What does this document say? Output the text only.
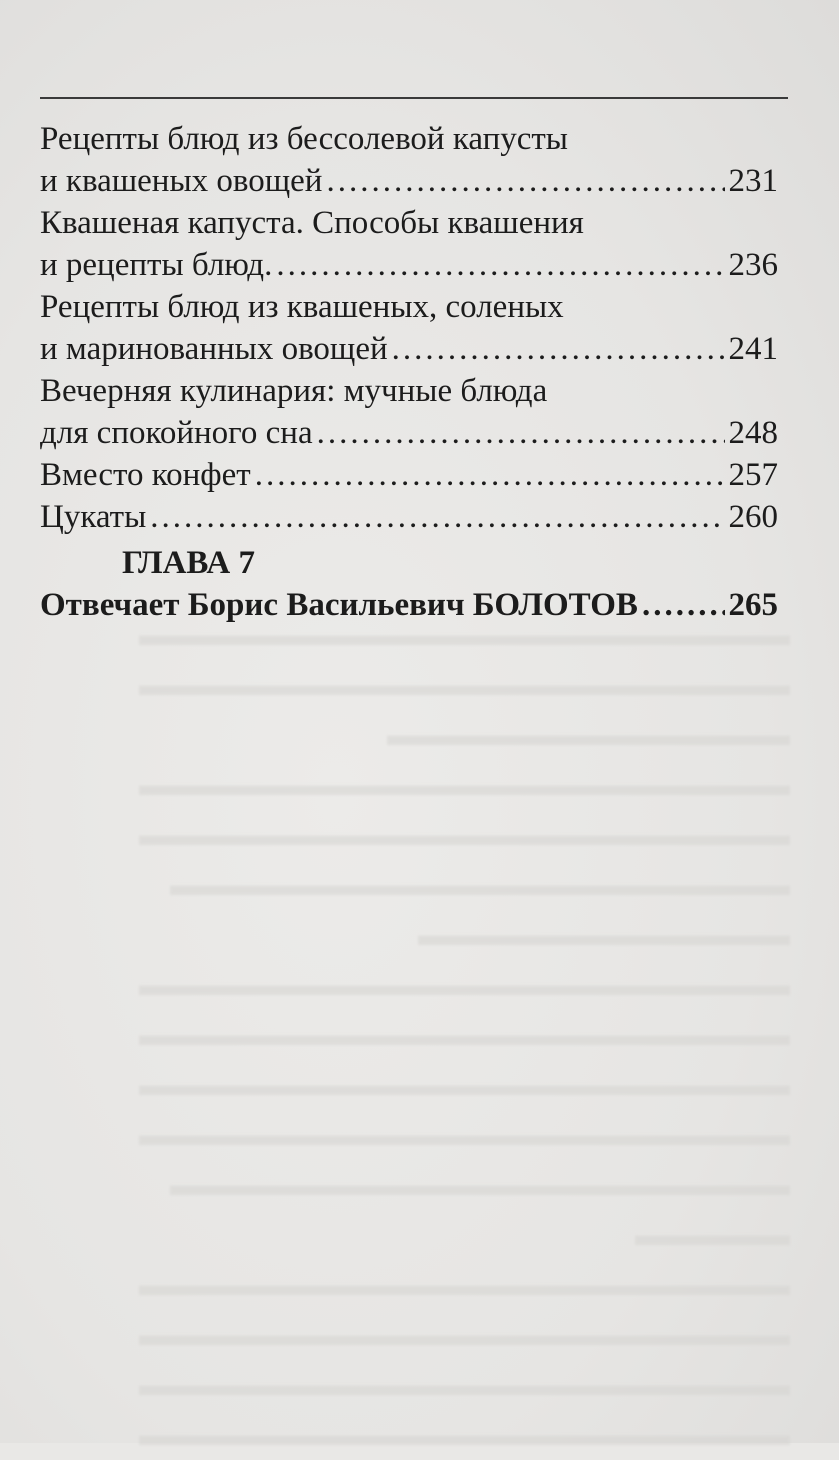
▬▬▬▬▬▬▬▬▬▬▬▬▬▬▬▬▬▬▬▬▬
▬▬▬▬▬▬▬▬▬▬▬▬▬▬▬▬▬▬▬▬▬
▬▬▬▬▬▬▬▬▬▬▬▬▬
▬▬▬▬▬▬▬▬▬▬▬▬▬▬▬▬▬▬▬▬▬
▬▬▬▬▬▬▬▬▬▬▬▬▬▬▬▬▬▬▬▬▬
▬▬▬▬▬▬▬▬▬▬▬▬▬▬▬▬▬▬▬▬
▬▬▬▬▬▬▬▬▬▬▬▬
▬▬▬▬▬▬▬▬▬▬▬▬▬▬▬▬▬▬▬▬▬
▬▬▬▬▬▬▬▬▬▬▬▬▬▬▬▬▬▬▬▬▬
▬▬▬▬▬▬▬▬▬▬▬▬▬▬▬▬▬▬▬▬▬
▬▬▬▬▬▬▬▬▬▬▬▬▬▬▬▬▬▬▬▬▬
▬▬▬▬▬▬▬▬▬▬▬▬▬▬▬▬▬▬▬▬
▬▬▬▬▬
▬▬▬▬▬▬▬▬▬▬▬▬▬▬▬▬▬▬▬▬▬
▬▬▬▬▬▬▬▬▬▬▬▬▬▬▬▬▬▬▬▬▬
▬▬▬▬▬▬▬▬▬▬▬▬▬▬▬▬▬▬▬▬▬
▬▬▬▬▬▬▬▬▬▬▬▬▬▬▬▬▬▬▬▬▬
Рецепты блюд из бессолевой капусты
и квашеных овощей .....	231
Квашеная капуста. Способы квашения
и рецепты блюд. .....	236
Рецепты блюд из квашеных, соленых
и маринованных овощей .....	241
Вечерняя кулинария: мучные блюда
для спокойного сна .....	248
Вместо конфет .....	257
Цукаты .....	260
ГЛАВА 7
Отвечает Борис Васильевич БОЛОТОВ .....	265
